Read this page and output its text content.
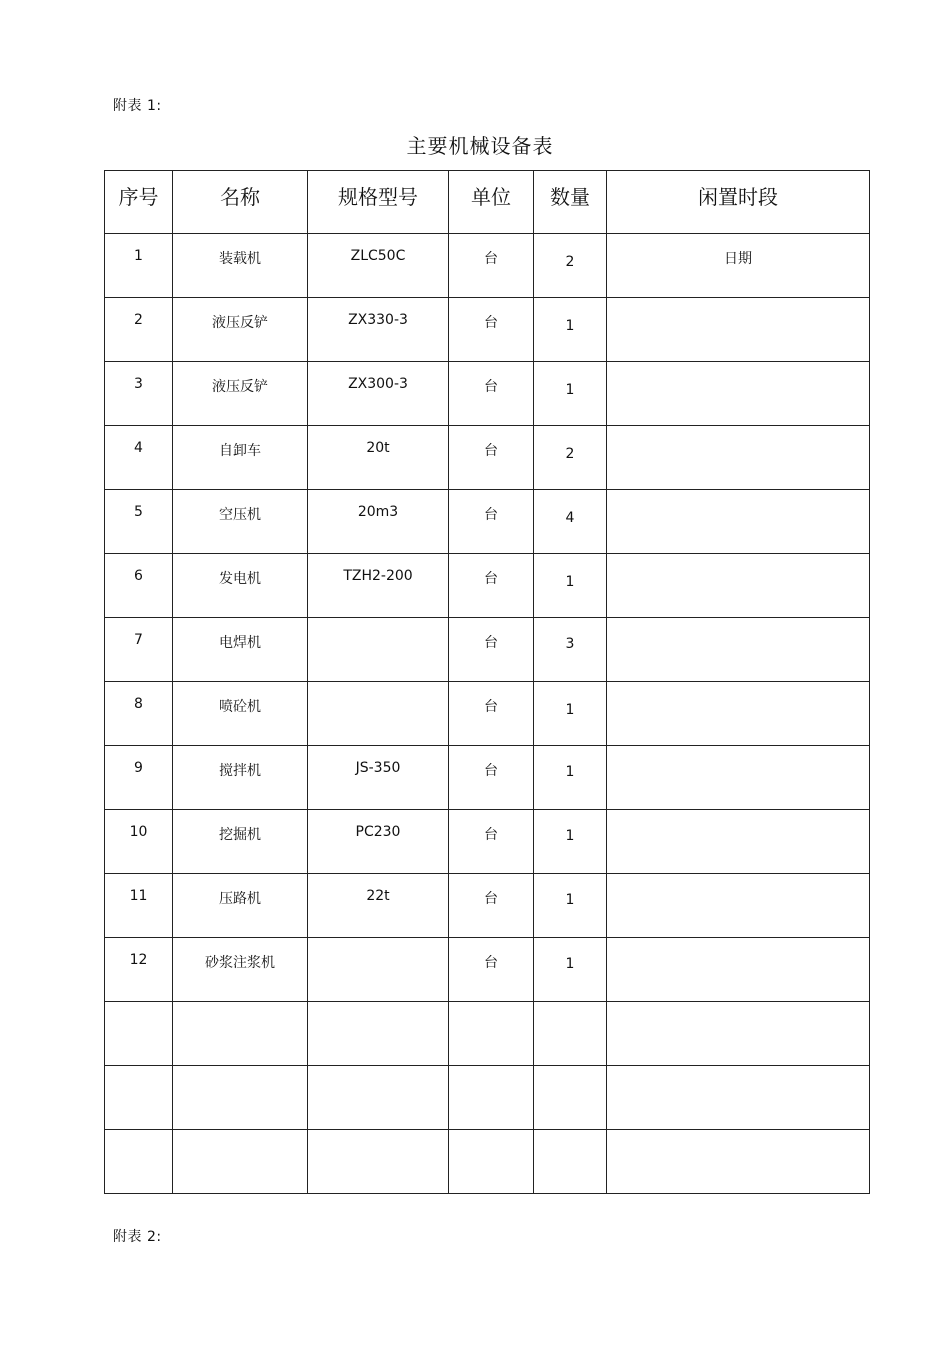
附表 1:
主要机械设备表
序号	名称	规格型号	单位	数量	闲置时段
1	装载机	ZLC50C	台	2	日期
2	液压反铲	ZX330-3	台	1	
3	液压反铲	ZX300-3	台	1	
4	自卸车	20t	台	2	
5	空压机	20m3	台	4	
6	发电机	TZH2-200	台	1	
7	电焊机		台	3	
8	喷砼机		台	1	
9	搅拌机	JS-350	台	1	
10	挖掘机	PC230	台	1	
11	压路机	22t	台	1	
12	砂浆注浆机		台	1	

附表 2:
